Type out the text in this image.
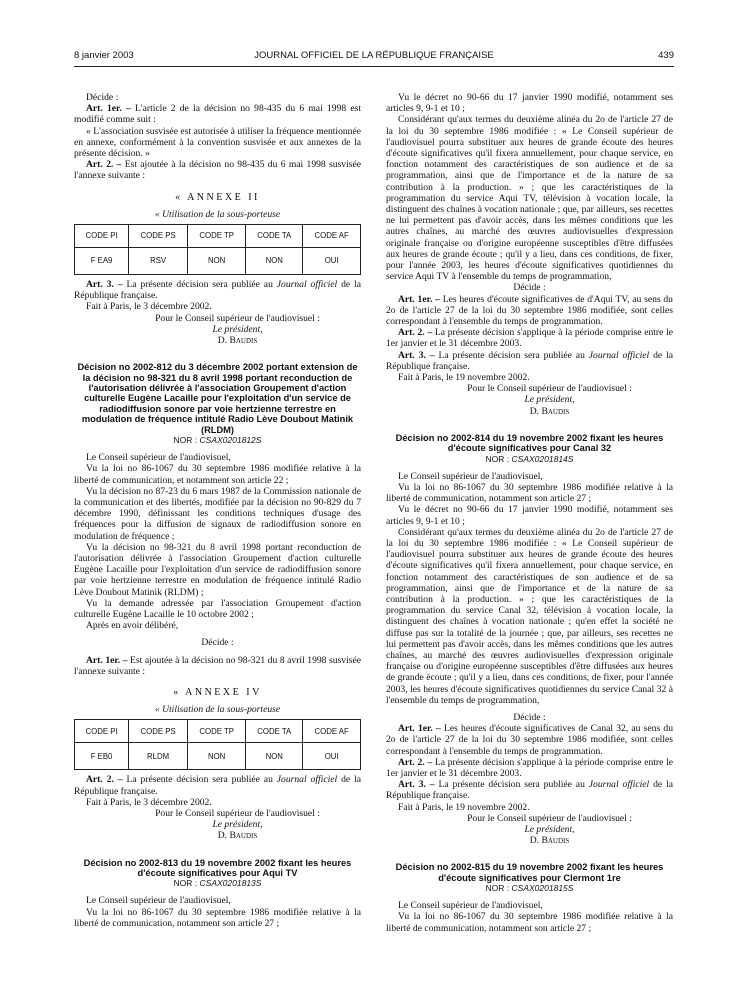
8 janvier 2003	JOURNAL OFFICIEL DE LA RÉPUBLIQUE FRANÇAISE	439

Décide :

Art. 1er. – L'article 2 de la décision no 98-435 du 6 mai 1998 est modifié comme suit :

« L'association susvisée est autorisée à utiliser la fréquence mentionnée en annexe, conformément à la convention susvisée et aux annexes de la présente décision. »

Art. 2. – Est ajoutée à la décision no 98-435 du 6 mai 1998 susvisée l'annexe suivante :

« ANNEXE II

« Utilisation de la sous-porteuse

CODE PI	CODE PS	CODE TP	CODE TA	CODE AF
F EA9	RSV	NON	NON	OUI

Art. 3. – La présente décision sera publiée au Journal officiel de la République française.

Fait à Paris, le 3 décembre 2002.

Pour le Conseil supérieur de l'audiovisuel :

Le président,

D. Baudis

Décision no 2002-812 du 3 décembre 2002 portant extension de la décision no 98-321 du 8 avril 1998 portant reconduction de l'autorisation délivrée à l'association Groupement d'action culturelle Eugène Lacaille pour l'exploitation d'un service de radiodiffusion sonore par voie hertzienne terrestre en modulation de fréquence intitulé Radio Lève Doubout Matinik (RLDM)

NOR : CSAX0201812S

Le Conseil supérieur de l'audiovisuel,

Vu la loi no 86-1067 du 30 septembre 1986 modifiée relative à la liberté de communication, et notamment son article 22 ;

Vu la décision no 87-23 du 6 mars 1987 de la Commission nationale de la communication et des libertés, modifiée par la décision no 90-829 du 7 décembre 1990, définissant les conditions techniques d'usage des fréquences pour la diffusion de signaux de radiodiffusion sonore en modulation de fréquence ;

Vu la décision no 98-321 du 8 avril 1998 portant reconduction de l'autorisation délivrée à l'association Groupement d'action culturelle Eugène Lacaille pour l'exploitation d'un service de radiodiffusion sonore par voie hertzienne terrestre en modulation de fréquence intitulé Radio Lève Doubout Matinik (RLDM) ;

Vu la demande adressée par l'association Groupement d'action culturelle Eugène Lacaille le 10 octobre 2002 ;

Après en avoir délibéré,

Décide :

Art. 1er. – Est ajoutée à la décision no 98-321 du 8 avril 1998 susvisée l'annexe suivante :

« ANNEXE IV

« Utilisation de la sous-porteuse

CODE PI	CODE PS	CODE TP	CODE TA	CODE AF
F EB0	RLDM	NON	NON	OUI

Art. 2. – La présente décision sera publiée au Journal officiel de la République française.

Fait à Paris, le 3 décembre 2002.

Pour le Conseil supérieur de l'audiovisuel :

Le président,

D. Baudis

Décision no 2002-813 du 19 novembre 2002 fixant les heures d'écoute significatives pour Aqui TV

NOR : CSAX0201813S

Le Conseil supérieur de l'audiovisuel,

Vu la loi no 86-1067 du 30 septembre 1986 modifiée relative à la liberté de communication, notamment son article 27 ;

Vu le décret no 90-66 du 17 janvier 1990 modifié, notamment ses articles 9, 9-1 et 10 ;

Considérant qu'aux termes du deuxième alinéa du 2o de l'article 27 de la loi du 30 septembre 1986 modifiée : « Le Conseil supérieur de l'audiovisuel pourra substituer aux heures de grande écoute des heures d'écoute significatives qu'il fixera annuellement, pour chaque service, en fonction notamment des caractéristiques de son audience et de sa programmation, ainsi que de l'importance et de la nature de sa contribution à la production. » ; que les caractéristiques de la programmation du service Aqui TV, télévision à vocation locale, la distinguent des chaînes à vocation nationale ; que, par ailleurs, ses recettes ne lui permettent pas d'avoir accès, dans les mêmes conditions que les autres chaînes, au marché des œuvres audiovisuelles d'expression originale française ou d'origine européenne susceptibles d'être diffusées aux heures de grande écoute ; qu'il y a lieu, dans ces conditions, de fixer, pour l'année 2003, les heures d'écoute significatives quotidiennes du service Aqui TV à l'ensemble du temps de programmation,

Décide :

Art. 1er. – Les heures d'écoute significatives de d'Aqui TV, au sens du 2o de l'article 27 de la loi du 30 septembre 1986 modifiée, sont celles correspondant à l'ensemble du temps de programmation.

Art. 2. – La présente décision s'applique à la période comprise entre le 1er janvier et le 31 décembre 2003.

Art. 3. – La présente décision sera publiée au Journal officiel de la République française.

Fait à Paris, le 19 novembre 2002.

Pour le Conseil supérieur de l'audiovisuel :

Le président,

D. Baudis

Décision no 2002-814 du 19 novembre 2002 fixant les heures d'écoute significatives pour Canal 32

NOR : CSAX0201814S

Le Conseil supérieur de l'audiovisuel,

Vu la loi no 86-1067 du 30 septembre 1986 modifiée relative à la liberté de communication, notamment son article 27 ;

Vu le décret no 90-66 du 17 janvier 1990 modifié, notamment ses articles 9, 9-1 et 10 ;

Considérant qu'aux termes du deuxième alinéa du 2o de l'article 27 de la loi du 30 septembre 1986 modifiée : « Le Conseil supérieur de l'audiovisuel pourra substituer aux heures de grande écoute des heures d'écoute significatives qu'il fixera annuellement, pour chaque service, en fonction notamment des caractéristiques de son audience et de sa programmation, ainsi que de l'importance et de la nature de sa contribution à la production. » ; que les caractéristiques de la programmation du service Canal 32, télévision à vocation locale, la distinguent des chaînes à vocation nationale ; qu'en effet la société ne diffuse pas sur la totalité de la journée ; que, par ailleurs, ses recettes ne lui permettent pas d'avoir accès, dans les mêmes conditions que les autres chaînes, au marché des œuvres audiovisuelles d'expression originale française ou d'origine européenne susceptibles d'être diffusées aux heures de grande écoute ; qu'il y a lieu, dans ces conditions, de fixer, pour l'année 2003, les heures d'écoute significatives quotidiennes du service Canal 32 à l'ensemble du temps de programmation,

Décide :

Art. 1er. – Les heures d'écoute significatives de Canal 32, au sens du 2o de l'article 27 de la loi du 30 septembre 1986 modifiée, sont celles correspondant à l'ensemble du temps de programmation.

Art. 2. – La présente décision s'applique à la période comprise entre le 1er janvier et le 31 décembre 2003.

Art. 3. – La présente décision sera publiée au Journal officiel de la République française.

Fait à Paris, le 19 novembre 2002.

Pour le Conseil supérieur de l'audiovisuel :

Le président,

D. Baudis

Décision no 2002-815 du 19 novembre 2002 fixant les heures d'écoute significatives pour Clermont 1re

NOR : CSAX0201815S

Le Conseil supérieur de l'audiovisuel,

Vu la loi no 86-1067 du 30 septembre 1986 modifiée relative à la liberté de communication, notamment son article 27 ;
